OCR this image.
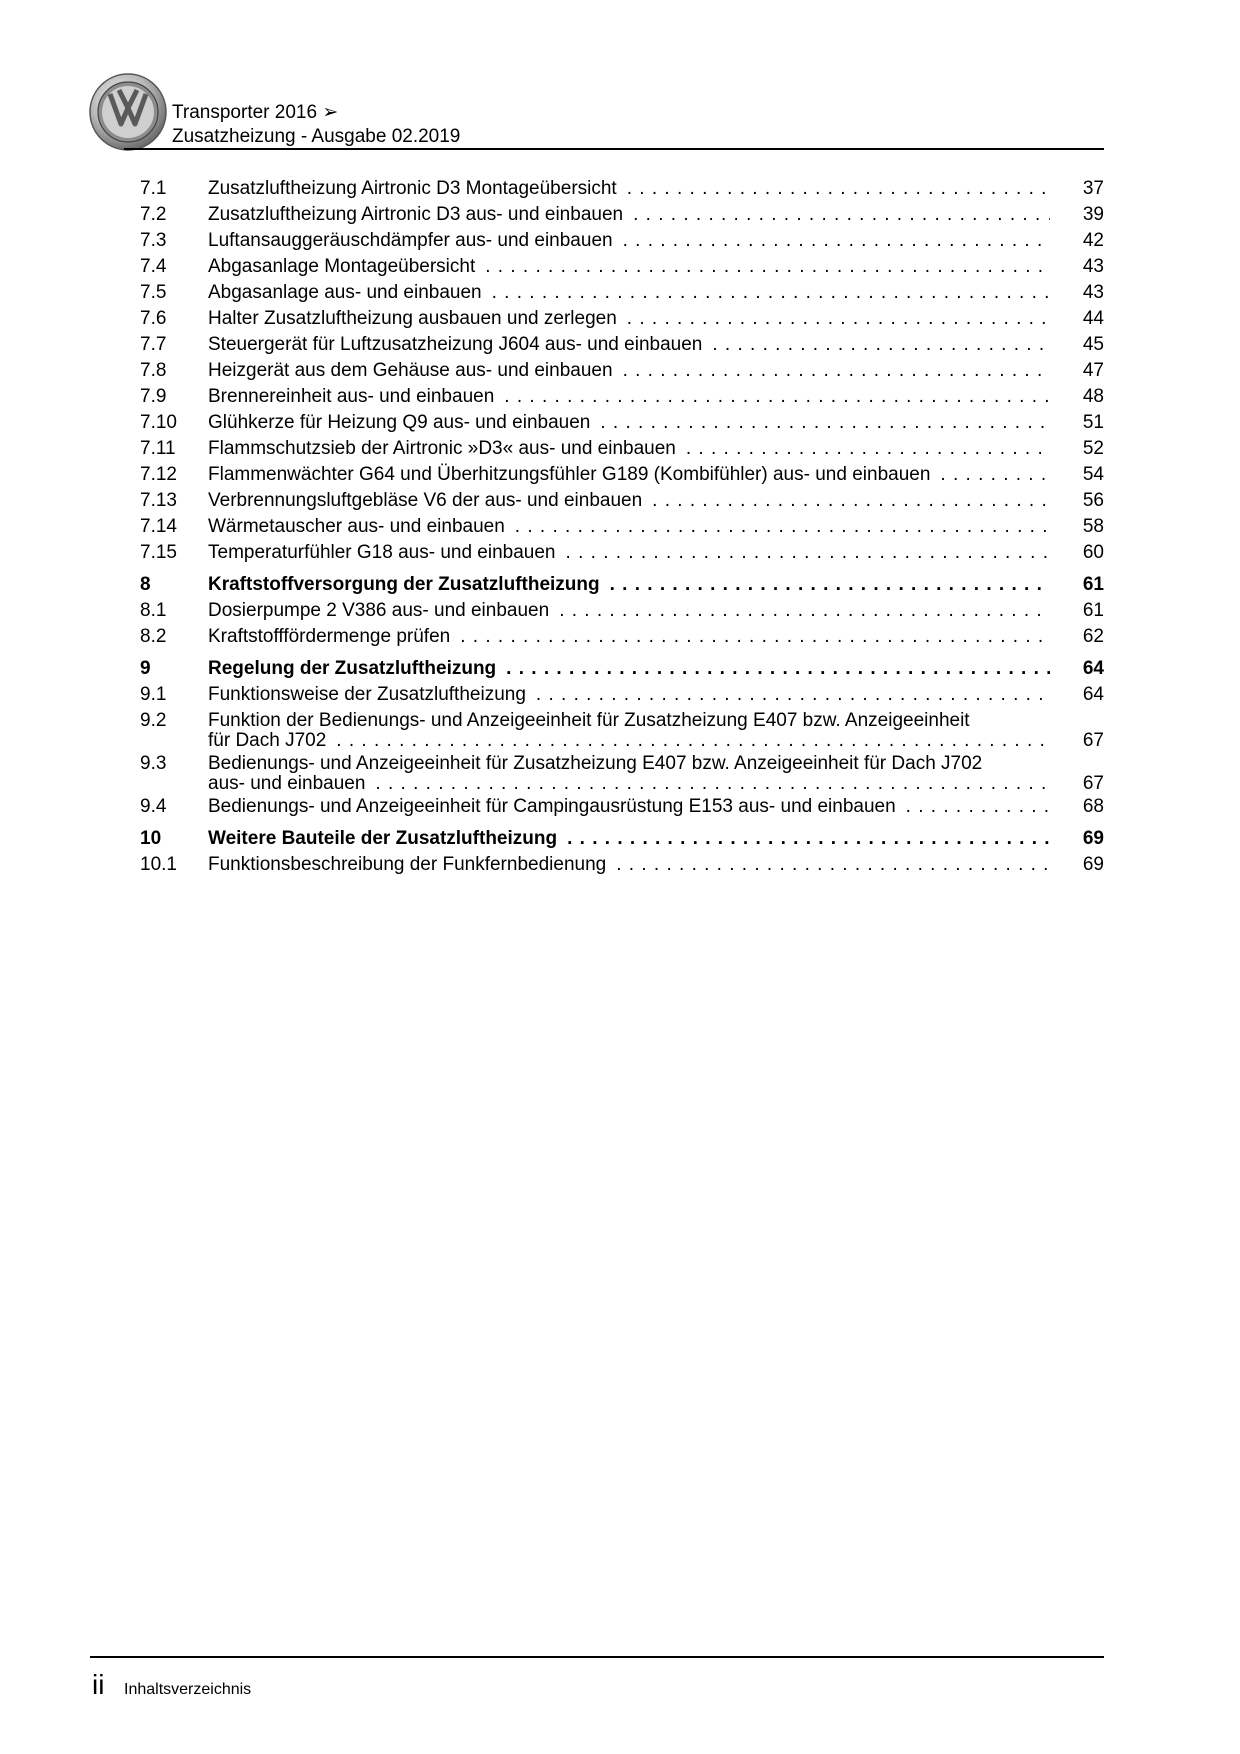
Transporter 2016 ➢
Zusatzheizung - Ausgabe 02.2019
7.1	Zusatzluftheizung Airtronic D3 Montageübersicht . . .	37
7.2	Zusatzluftheizung Airtronic D3 aus- und einbauen . . .	39
7.3	Luftansauggeräuschdämpfer aus- und einbauen . . .	42
7.4	Abgasanlage Montageübersicht . . .	43
7.5	Abgasanlage aus- und einbauen . . .	43
7.6	Halter Zusatzluftheizung ausbauen und zerlegen . . .	44
7.7	Steuergerät für Luftzusatzheizung J604 aus- und einbauen . . .	45
7.8	Heizgerät aus dem Gehäuse aus- und einbauen . . .	47
7.9	Brennereinheit aus- und einbauen . . .	48
7.10	Glühkerze für Heizung Q9 aus- und einbauen . . .	51
7.11	Flammschutzsieb der Airtronic »D3« aus- und einbauen . . .	52
7.12	Flammenwächter G64 und Überhitzungsfühler G189 (Kombifühler) aus- und einbauen . . .	54
7.13	Verbrennungsluftgebläse V6 der aus- und einbauen . . .	56
7.14	Wärmetauscher aus- und einbauen . . .	58
7.15	Temperaturfühler G18 aus- und einbauen . . .	60
8	Kraftstoffversorgung der Zusatzluftheizung . . .	61
8.1	Dosierpumpe 2 V386 aus- und einbauen . . .	61
8.2	Kraftstofffördermenge prüfen . . .	62
9	Regelung der Zusatzluftheizung . . .	64
9.1	Funktionsweise der Zusatzluftheizung . . .	64
9.2	Funktion der Bedienungs- und Anzeigeeinheit für Zusatzheizung E407 bzw. Anzeigeeinheit
für Dach J702 . . .	67
9.3	Bedienungs- und Anzeigeeinheit für Zusatzheizung E407 bzw. Anzeigeeinheit für Dach J702
aus- und einbauen . . .	67
9.4	Bedienungs- und Anzeigeeinheit für Campingausrüstung E153 aus- und einbauen . . .	68
10	Weitere Bauteile der Zusatzluftheizung . . .	69
10.1	Funktionsbeschreibung der Funkfernbedienung . . .	69
ii Inhaltsverzeichnis
